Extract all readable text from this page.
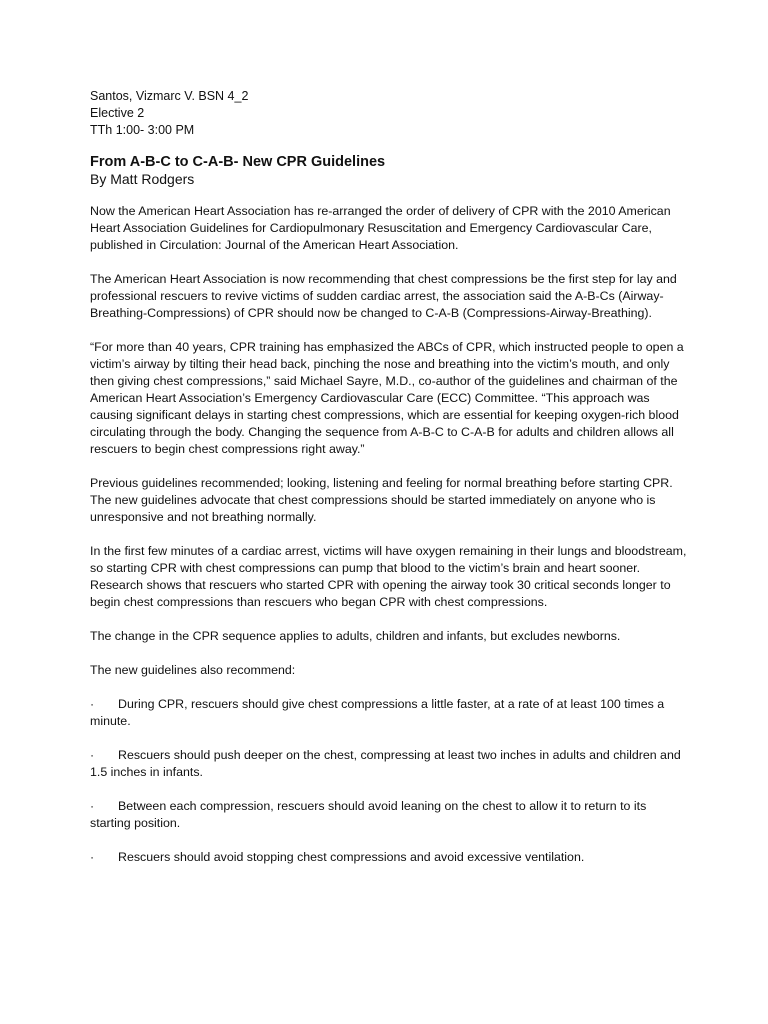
Santos, Vizmarc V. BSN 4_2

Elective 2

TTh 1:00- 3:00 PM

From A-B-C to C-A-B- New CPR Guidelines

By Matt Rodgers

Now the American Heart Association has re-arranged the order of delivery of CPR with the 2010 American Heart Association Guidelines for Cardiopulmonary Resuscitation and Emergency Cardiovascular Care, published in Circulation: Journal of the American Heart Association.

The American Heart Association is now recommending that chest compressions be the first step for lay and professional rescuers to revive victims of sudden cardiac arrest, the association said the A-B-Cs (Airway-Breathing-Compressions) of CPR should now be changed to C-A-B (Compressions-Airway-Breathing).

“For more than 40 years, CPR training has emphasized the ABCs of CPR, which instructed people to open a victim’s airway by tilting their head back, pinching the nose and breathing into the victim’s mouth, and only then giving chest compressions,” said Michael Sayre, M.D., co-author of the guidelines and chairman of the American Heart Association’s Emergency Cardiovascular Care (ECC) Committee. “This approach was causing significant delays in starting chest compressions, which are essential for keeping oxygen-rich blood circulating through the body. Changing the sequence from A-B-C to C-A-B for adults and children allows all rescuers to begin chest compressions right away.”

Previous guidelines recommended; looking, listening and feeling for normal breathing before starting CPR. The new guidelines advocate that chest compressions should be started immediately on anyone who is unresponsive and not breathing normally.

In the first few minutes of a cardiac arrest, victims will have oxygen remaining in their lungs and bloodstream, so starting CPR with chest compressions can pump that blood to the victim’s brain and heart sooner. Research shows that rescuers who started CPR with opening the airway took 30 critical seconds longer to begin chest compressions than rescuers who began CPR with chest compressions.

The change in the CPR sequence applies to adults, children and infants, but excludes newborns.

The new guidelines also recommend:

· During CPR, rescuers should give chest compressions a little faster, at a rate of at least 100 times a minute.

· Rescuers should push deeper on the chest, compressing at least two inches in adults and children and 1.5 inches in infants.

· Between each compression, rescuers should avoid leaning on the chest to allow it to return to its starting position.

· Rescuers should avoid stopping chest compressions and avoid excessive ventilation.
